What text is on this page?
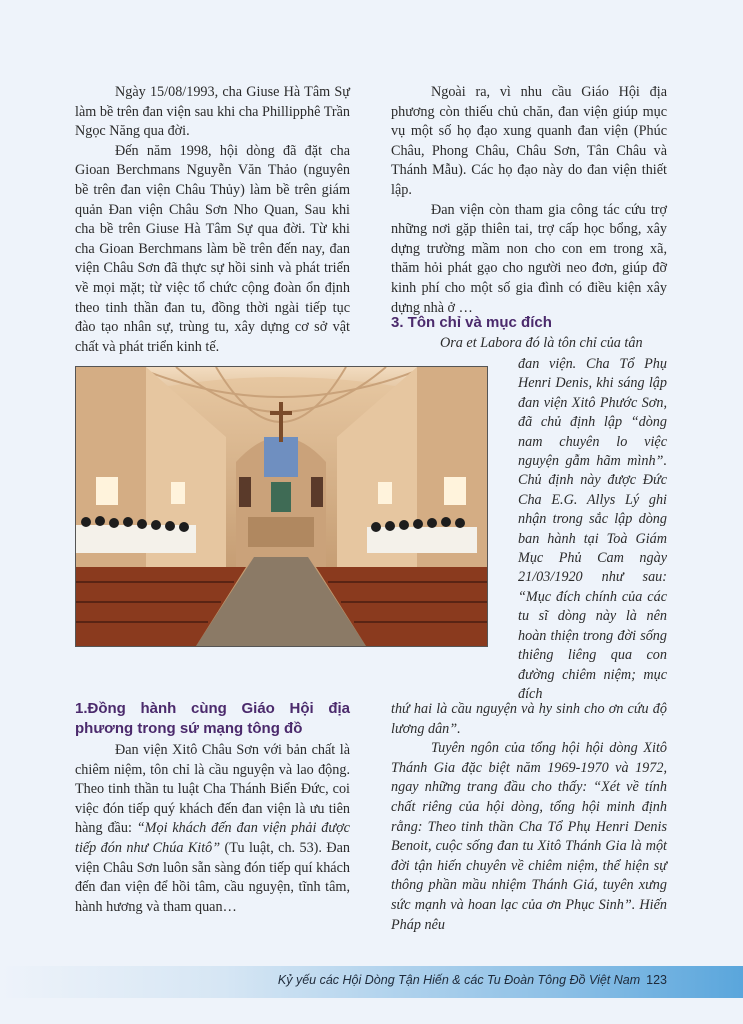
Ngày 15/08/1993, cha Giuse Hà Tâm Sự làm bề trên đan viện sau khi cha Phillipphê Trần Ngọc Năng qua đời.

Đến năm 1998, hội dòng đã đặt cha Gioan Berchmans Nguyễn Văn Thảo (nguyên bề trên đan viện Châu Thủy) làm bề trên giám quản Đan viện Châu Sơn Nho Quan, Sau khi cha bề trên Giuse Hà Tâm Sự qua đời. Từ khi cha Gioan Berchmans làm bề trên đến nay, đan viện Châu Sơn đã thực sự hồi sinh và phát triển về mọi mặt; từ việc tổ chức cộng đoàn ổn định theo tinh thần đan tu, đồng thời ngài tiếp tục đào tạo nhân sự, trùng tu, xây dựng cơ sở vật chất và phát triển kinh tế.

Ngoài ra, vì nhu cầu Giáo Hội địa phương còn thiếu chủ chăn, đan viện giúp mục vụ một số họ đạo xung quanh đan viện (Phúc Châu, Phong Châu, Châu Sơn, Tân Châu và Thánh Mẫu). Các họ đạo này do đan viện thiết lập.

Đan viện còn tham gia công tác cứu trợ những nơi gặp thiên tai, trợ cấp học bổng, xây dựng trường mầm non cho con em trong xã, thăm hỏi phát gạo cho người neo đơn, giúp đỡ kinh phí cho một số gia đình có điều kiện xây dựng nhà ở …

3. Tôn chỉ và mục đích

Ora et Labora đó là tôn chỉ của tân

đan viện. Cha Tổ Phụ Henri Denis, khi sáng lập đan viện Xitô Phước Sơn, đã chủ định lập “dòng nam chuyên lo việc nguyện gẫm hãm mình”. Chủ định này được Đức Cha E.G. Allys Lý ghi nhận trong sắc lập dòng ban hành tại Toà Giám Mục Phủ Cam ngày 21/03/1920 như sau: “Mục đích chính của các tu sĩ dòng này là nên hoàn thiện trong đời sống thiêng liêng qua con đường chiêm niệm; mục đích

1.Đồng hành cùng Giáo Hội địa phương trong sứ mạng tông đồ

Đan viện Xitô Châu Sơn với bản chất là chiêm niệm, tôn chỉ là cầu nguyện và lao động. Theo tinh thần tu luật Cha Thánh Biển Đức, coi việc đón tiếp quý khách đến đan viện là ưu tiên hàng đầu: “Mọi khách đến đan viện phải được tiếp đón như Chúa Kitô” (Tu luật, ch. 53). Đan viện Châu Sơn luôn sẵn sàng đón tiếp quí khách đến đan viện để hồi tâm, cầu nguyện, tĩnh tâm, hành hương và tham quan…

thứ hai là cầu nguyện và hy sinh cho ơn cứu độ lương dân”.

Tuyên ngôn của tổng hội hội dòng Xitô Thánh Gia đặc biệt năm 1969-1970 và 1972, ngay những trang đầu cho thấy: “Xét về tính chất riêng của hội dòng, tổng hội minh định rằng: Theo tinh thần Cha Tổ Phụ Henri Denis Benoit, cuộc sống đan tu Xitô Thánh Gia là một đời tận hiến chuyên về chiêm niệm, thể hiện sự thông phần mầu nhiệm Thánh Giá, tuyên xưng sức mạnh và hoan lạc của ơn Phục Sinh”. Hiến Pháp nêu

Kỷ yếu các Hội Dòng Tận Hiến & các Tu Đoàn Tông Đồ Việt Nam 123
